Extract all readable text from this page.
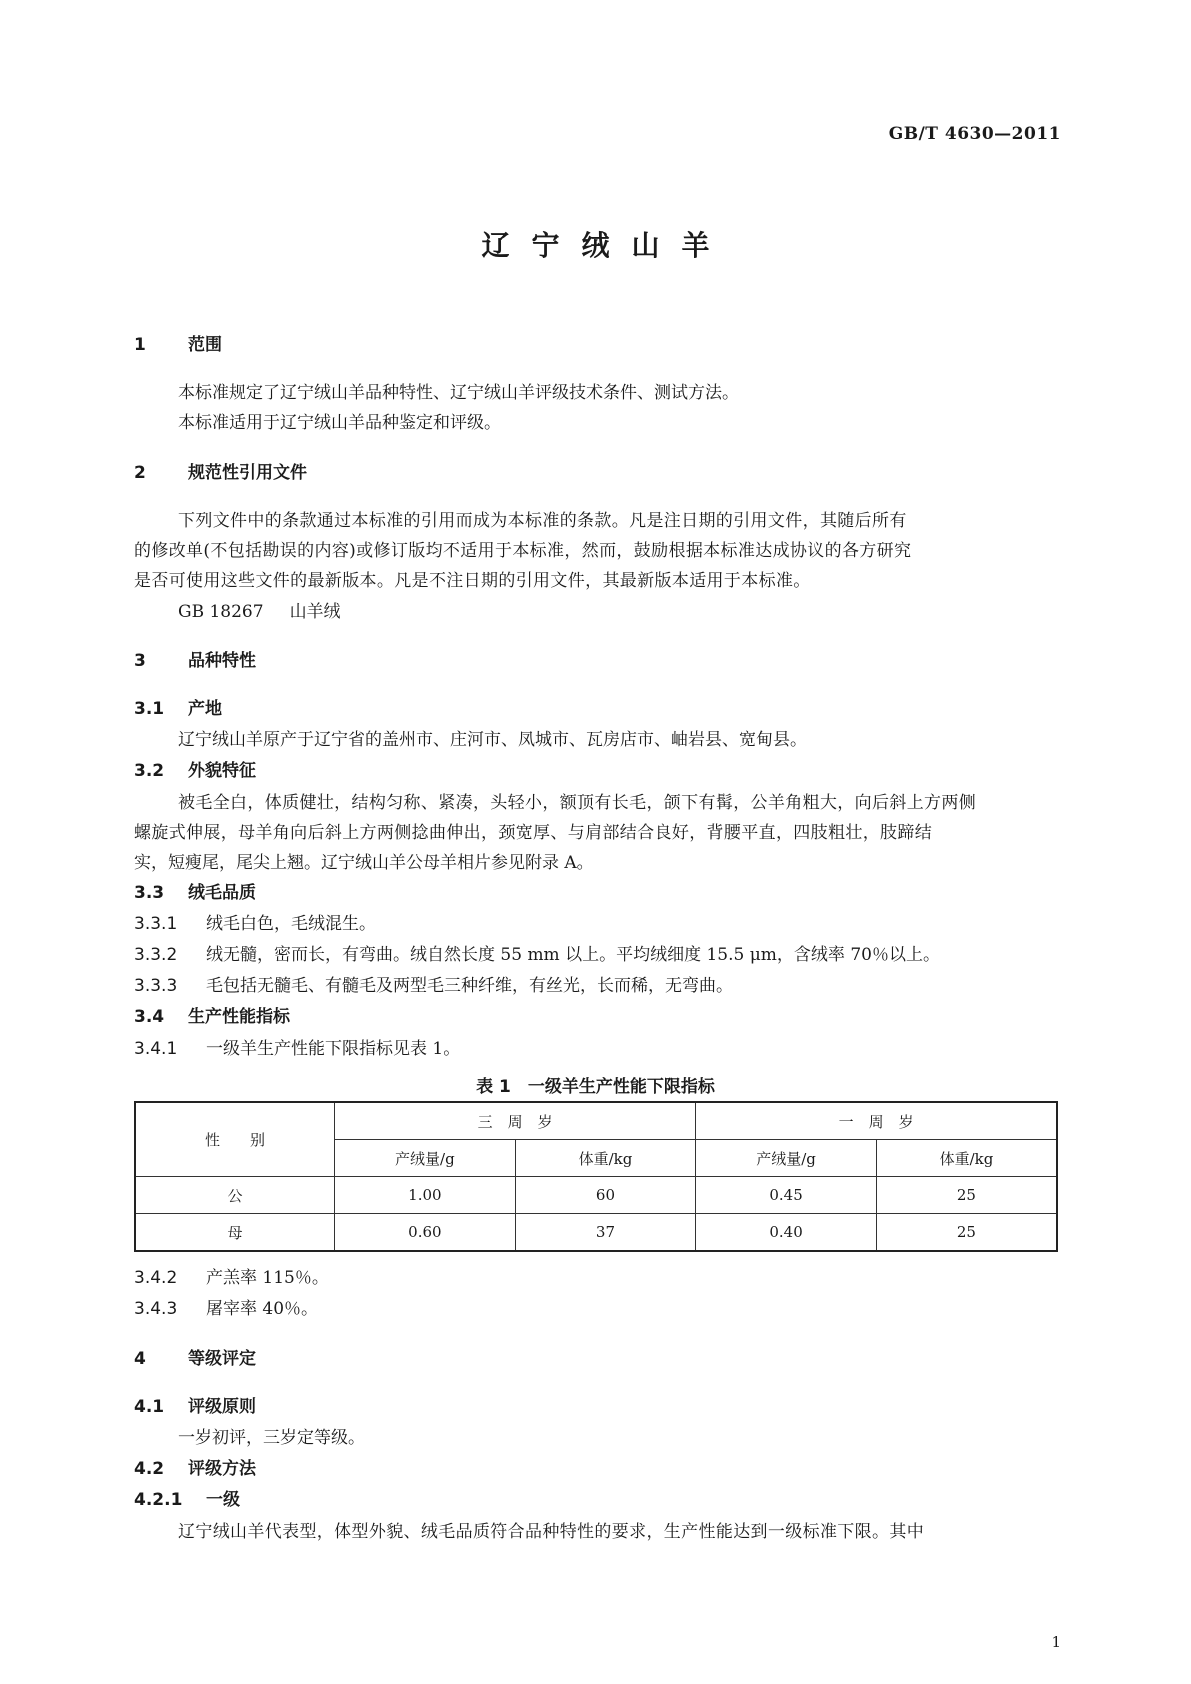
GB/T 4630—2011
辽宁绒山羊
1 范围
本标准规定了辽宁绒山羊品种特性、辽宁绒山羊评级技术条件、测试方法。
本标准适用于辽宁绒山羊品种鉴定和评级。
2 规范性引用文件
下列文件中的条款通过本标准的引用而成为本标准的条款。凡是注日期的引用文件，其随后所有
的修改单(不包括勘误的内容)或修订版均不适用于本标准，然而，鼓励根据本标准达成协议的各方研究
是否可使用这些文件的最新版本。凡是不注日期的引用文件，其最新版本适用于本标准。
GB 18267 山羊绒
3 品种特性
3.1 产地
辽宁绒山羊原产于辽宁省的盖州市、庄河市、凤城市、瓦房店市、岫岩县、宽甸县。
3.2 外貌特征
被毛全白，体质健壮，结构匀称、紧凑，头轻小，额顶有长毛，颌下有髯，公羊角粗大，向后斜上方两侧
螺旋式伸展，母羊角向后斜上方两侧捻曲伸出，颈宽厚、与肩部结合良好，背腰平直，四肢粗壮，肢蹄结
实，短瘦尾，尾尖上翘。辽宁绒山羊公母羊相片参见附录 A。
3.3 绒毛品质
3.3.1 绒毛白色，毛绒混生。
3.3.2 绒无髓，密而长，有弯曲。绒自然长度 55 mm 以上。平均绒细度 15.5 μm，含绒率 70％以上。
3.3.3 毛包括无髓毛、有髓毛及两型毛三种纤维，有丝光，长而稀，无弯曲。
3.4 生产性能指标
3.4.1 一级羊生产性能下限指标见表 1。
表 1　一级羊生产性能下限指标
性　　别	三　周　岁		一　周　岁	
	产绒量/g	体重/kg	产绒量/g	体重/kg
公	1.00	60	0.45	25
母	0.60	37	0.40	25
3.4.2 产羔率 115％。
3.4.3 屠宰率 40％。
4 等级评定
4.1 评级原则
一岁初评，三岁定等级。
4.2 评级方法
4.2.1 一级
辽宁绒山羊代表型，体型外貌、绒毛品质符合品种特性的要求，生产性能达到一级标准下限。其中
1
